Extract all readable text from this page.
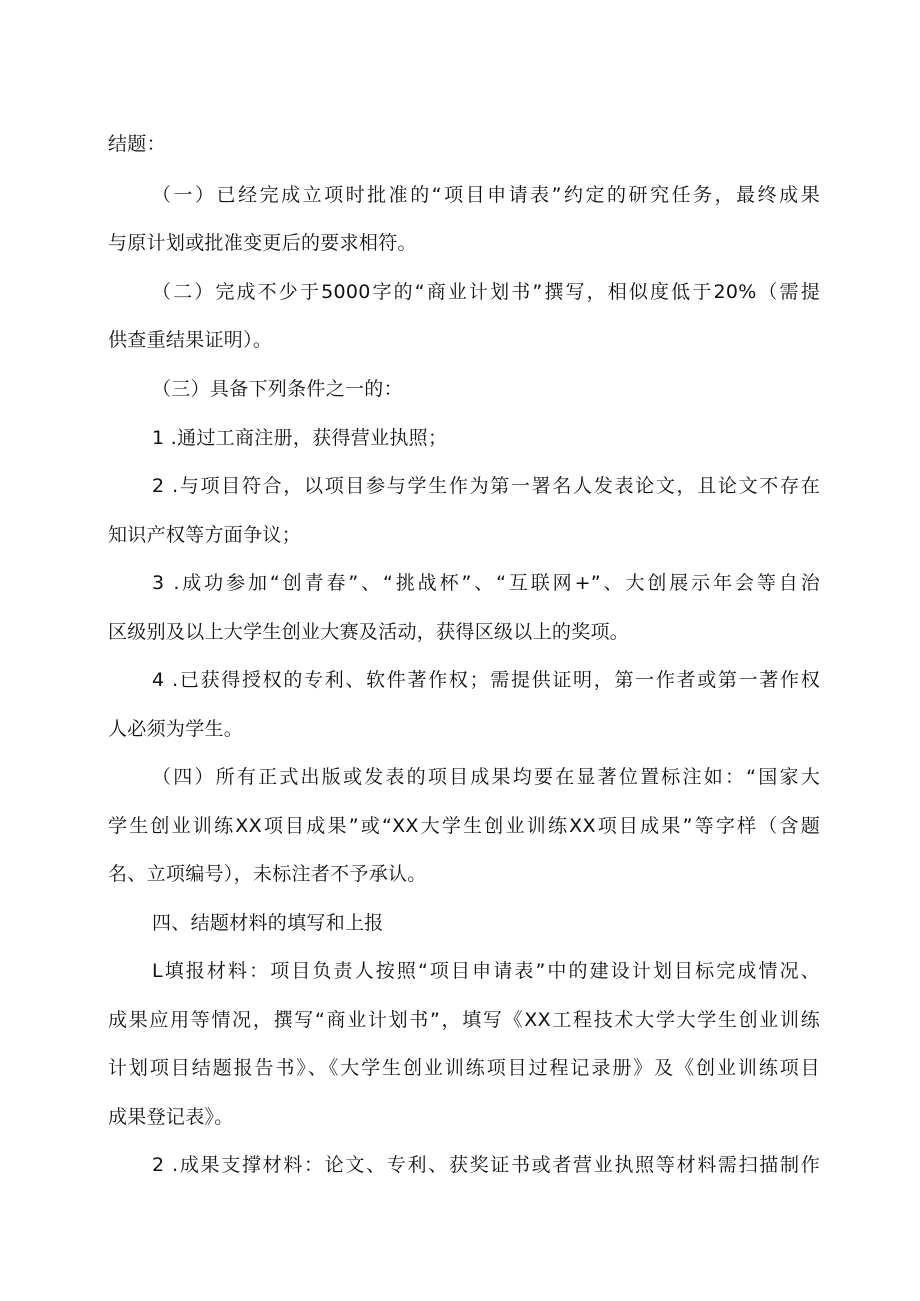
结题：
（一）已经完成立项时批准的“项目申请表”约定的研究任务，最终成果
与原计划或批准变更后的要求相符。
（二）完成不少于5000字的“商业计划书”撰写，相似度低于20%（需提
供查重结果证明）。
（三）具备下列条件之一的：
1 .通过工商注册，获得营业执照；
2 .与项目符合，以项目参与学生作为第一署名人发表论文，且论文不存在
知识产权等方面争议；
3 .成功参加“创青春”、“挑战杯”、“互联网+”、大创展示年会等自治
区级别及以上大学生创业大赛及活动，获得区级以上的奖项。
4 .已获得授权的专利、软件著作权；需提供证明，第一作者或第一著作权
人必须为学生。
（四）所有正式出版或发表的项目成果均要在显著位置标注如：“国家大
学生创业训练XX项目成果”或“XX大学生创业训练XX项目成果”等字样（含题
名、立项编号），未标注者不予承认。
四、结题材料的填写和上报
L填报材料：项目负责人按照“项目申请表”中的建设计划目标完成情况、
成果应用等情况，撰写“商业计划书”，填写《XX工程技术大学大学生创业训练
计划项目结题报告书》、《大学生创业训练项目过程记录册》及《创业训练项目
成果登记表》。
2 .成果支撑材料：论文、专利、获奖证书或者营业执照等材料需扫描制作
